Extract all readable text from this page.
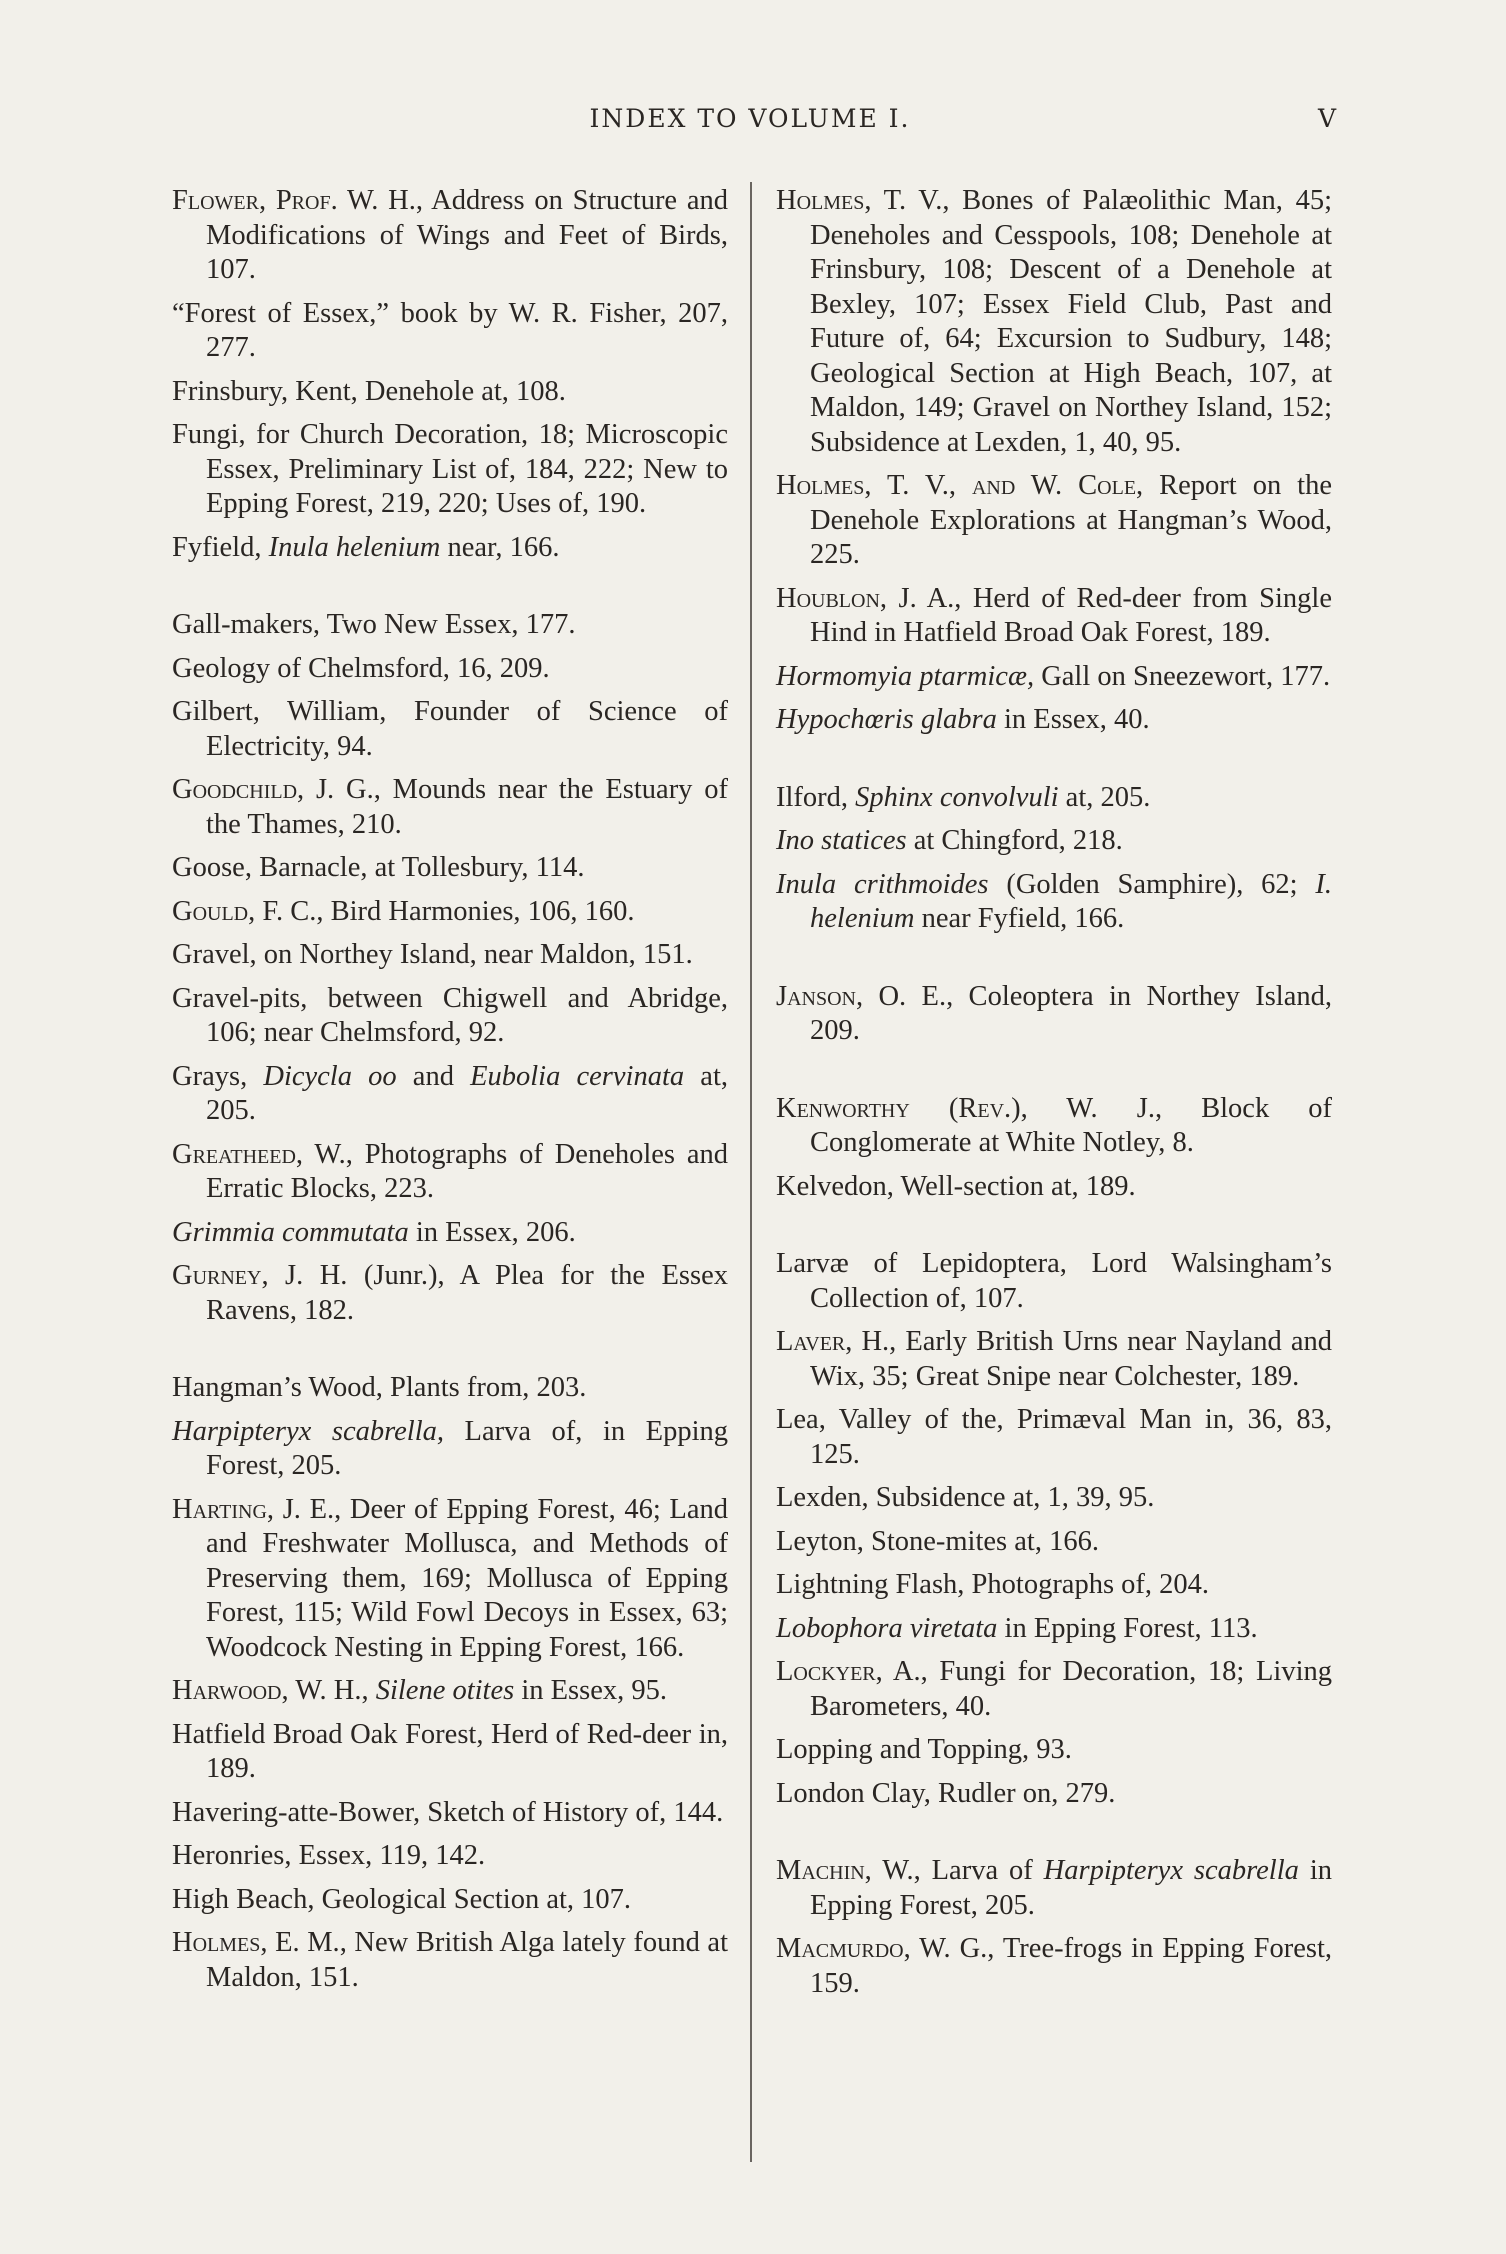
INDEX TO VOLUME I.	V
Flower, Prof. W. H., Address on Structure and Modifications of Wings and Feet of Birds, 107.
“Forest of Essex,” book by W. R. Fisher, 207, 277.
Frinsbury, Kent, Denehole at, 108.
Fungi, for Church Decoration, 18; Microscopic Essex, Preliminary List of, 184, 222; New to Epping Forest, 219, 220; Uses of, 190.
Fyfield, Inula helenium near, 166.
Gall-makers, Two New Essex, 177.
Geology of Chelmsford, 16, 209.
Gilbert, William, Founder of Science of Electricity, 94.
Goodchild, J. G., Mounds near the Estuary of the Thames, 210.
Goose, Barnacle, at Tollesbury, 114.
Gould, F. C., Bird Harmonies, 106, 160.
Gravel, on Northey Island, near Maldon, 151.
Gravel-pits, between Chigwell and Abridge, 106; near Chelmsford, 92.
Grays, Dicycla oo and Eubolia cervinata at, 205.
Greatheed, W., Photographs of Deneholes and Erratic Blocks, 223.
Grimmia commutata in Essex, 206.
Gurney, J. H. (Junr.), A Plea for the Essex Ravens, 182.
Hangman’s Wood, Plants from, 203.
Harpipteryx scabrella, Larva of, in Epping Forest, 205.
Harting, J. E., Deer of Epping Forest, 46; Land and Freshwater Mollusca, and Methods of Preserving them, 169; Mollusca of Epping Forest, 115; Wild Fowl Decoys in Essex, 63; Woodcock Nesting in Epping Forest, 166.
Harwood, W. H., Silene otites in Essex, 95.
Hatfield Broad Oak Forest, Herd of Red-deer in, 189.
Havering-atte-Bower, Sketch of History of, 144.
Heronries, Essex, 119, 142.
High Beach, Geological Section at, 107.
Holmes, E. M., New British Alga lately found at Maldon, 151.
Holmes, T. V., Bones of Palæolithic Man, 45; Deneholes and Cesspools, 108; Denehole at Frinsbury, 108; Descent of a Denehole at Bexley, 107; Essex Field Club, Past and Future of, 64; Excursion to Sudbury, 148; Geological Section at High Beach, 107, at Maldon, 149; Gravel on Northey Island, 152; Subsidence at Lexden, 1, 40, 95.
Holmes, T. V., and W. Cole, Report on the Denehole Explorations at Hangman’s Wood, 225.
Houblon, J. A., Herd of Red-deer from Single Hind in Hatfield Broad Oak Forest, 189.
Hormomyia ptarmicæ, Gall on Sneezewort, 177.
Hypochœris glabra in Essex, 40.
Ilford, Sphinx convolvuli at, 205.
Ino statices at Chingford, 218.
Inula crithmoides (Golden Samphire), 62; I. helenium near Fyfield, 166.
Janson, O. E., Coleoptera in Northey Island, 209.
Kenworthy (Rev.), W. J., Block of Conglomerate at White Notley, 8.
Kelvedon, Well-section at, 189.
Larvæ of Lepidoptera, Lord Walsingham’s Collection of, 107.
Laver, H., Early British Urns near Nayland and Wix, 35; Great Snipe near Colchester, 189.
Lea, Valley of the, Primæval Man in, 36, 83, 125.
Lexden, Subsidence at, 1, 39, 95.
Leyton, Stone-mites at, 166.
Lightning Flash, Photographs of, 204.
Lobophora viretata in Epping Forest, 113.
Lockyer, A., Fungi for Decoration, 18; Living Barometers, 40.
Lopping and Topping, 93.
London Clay, Rudler on, 279.
Machin, W., Larva of Harpipteryx scabrella in Epping Forest, 205.
Macmurdo, W. G., Tree-frogs in Epping Forest, 159.
